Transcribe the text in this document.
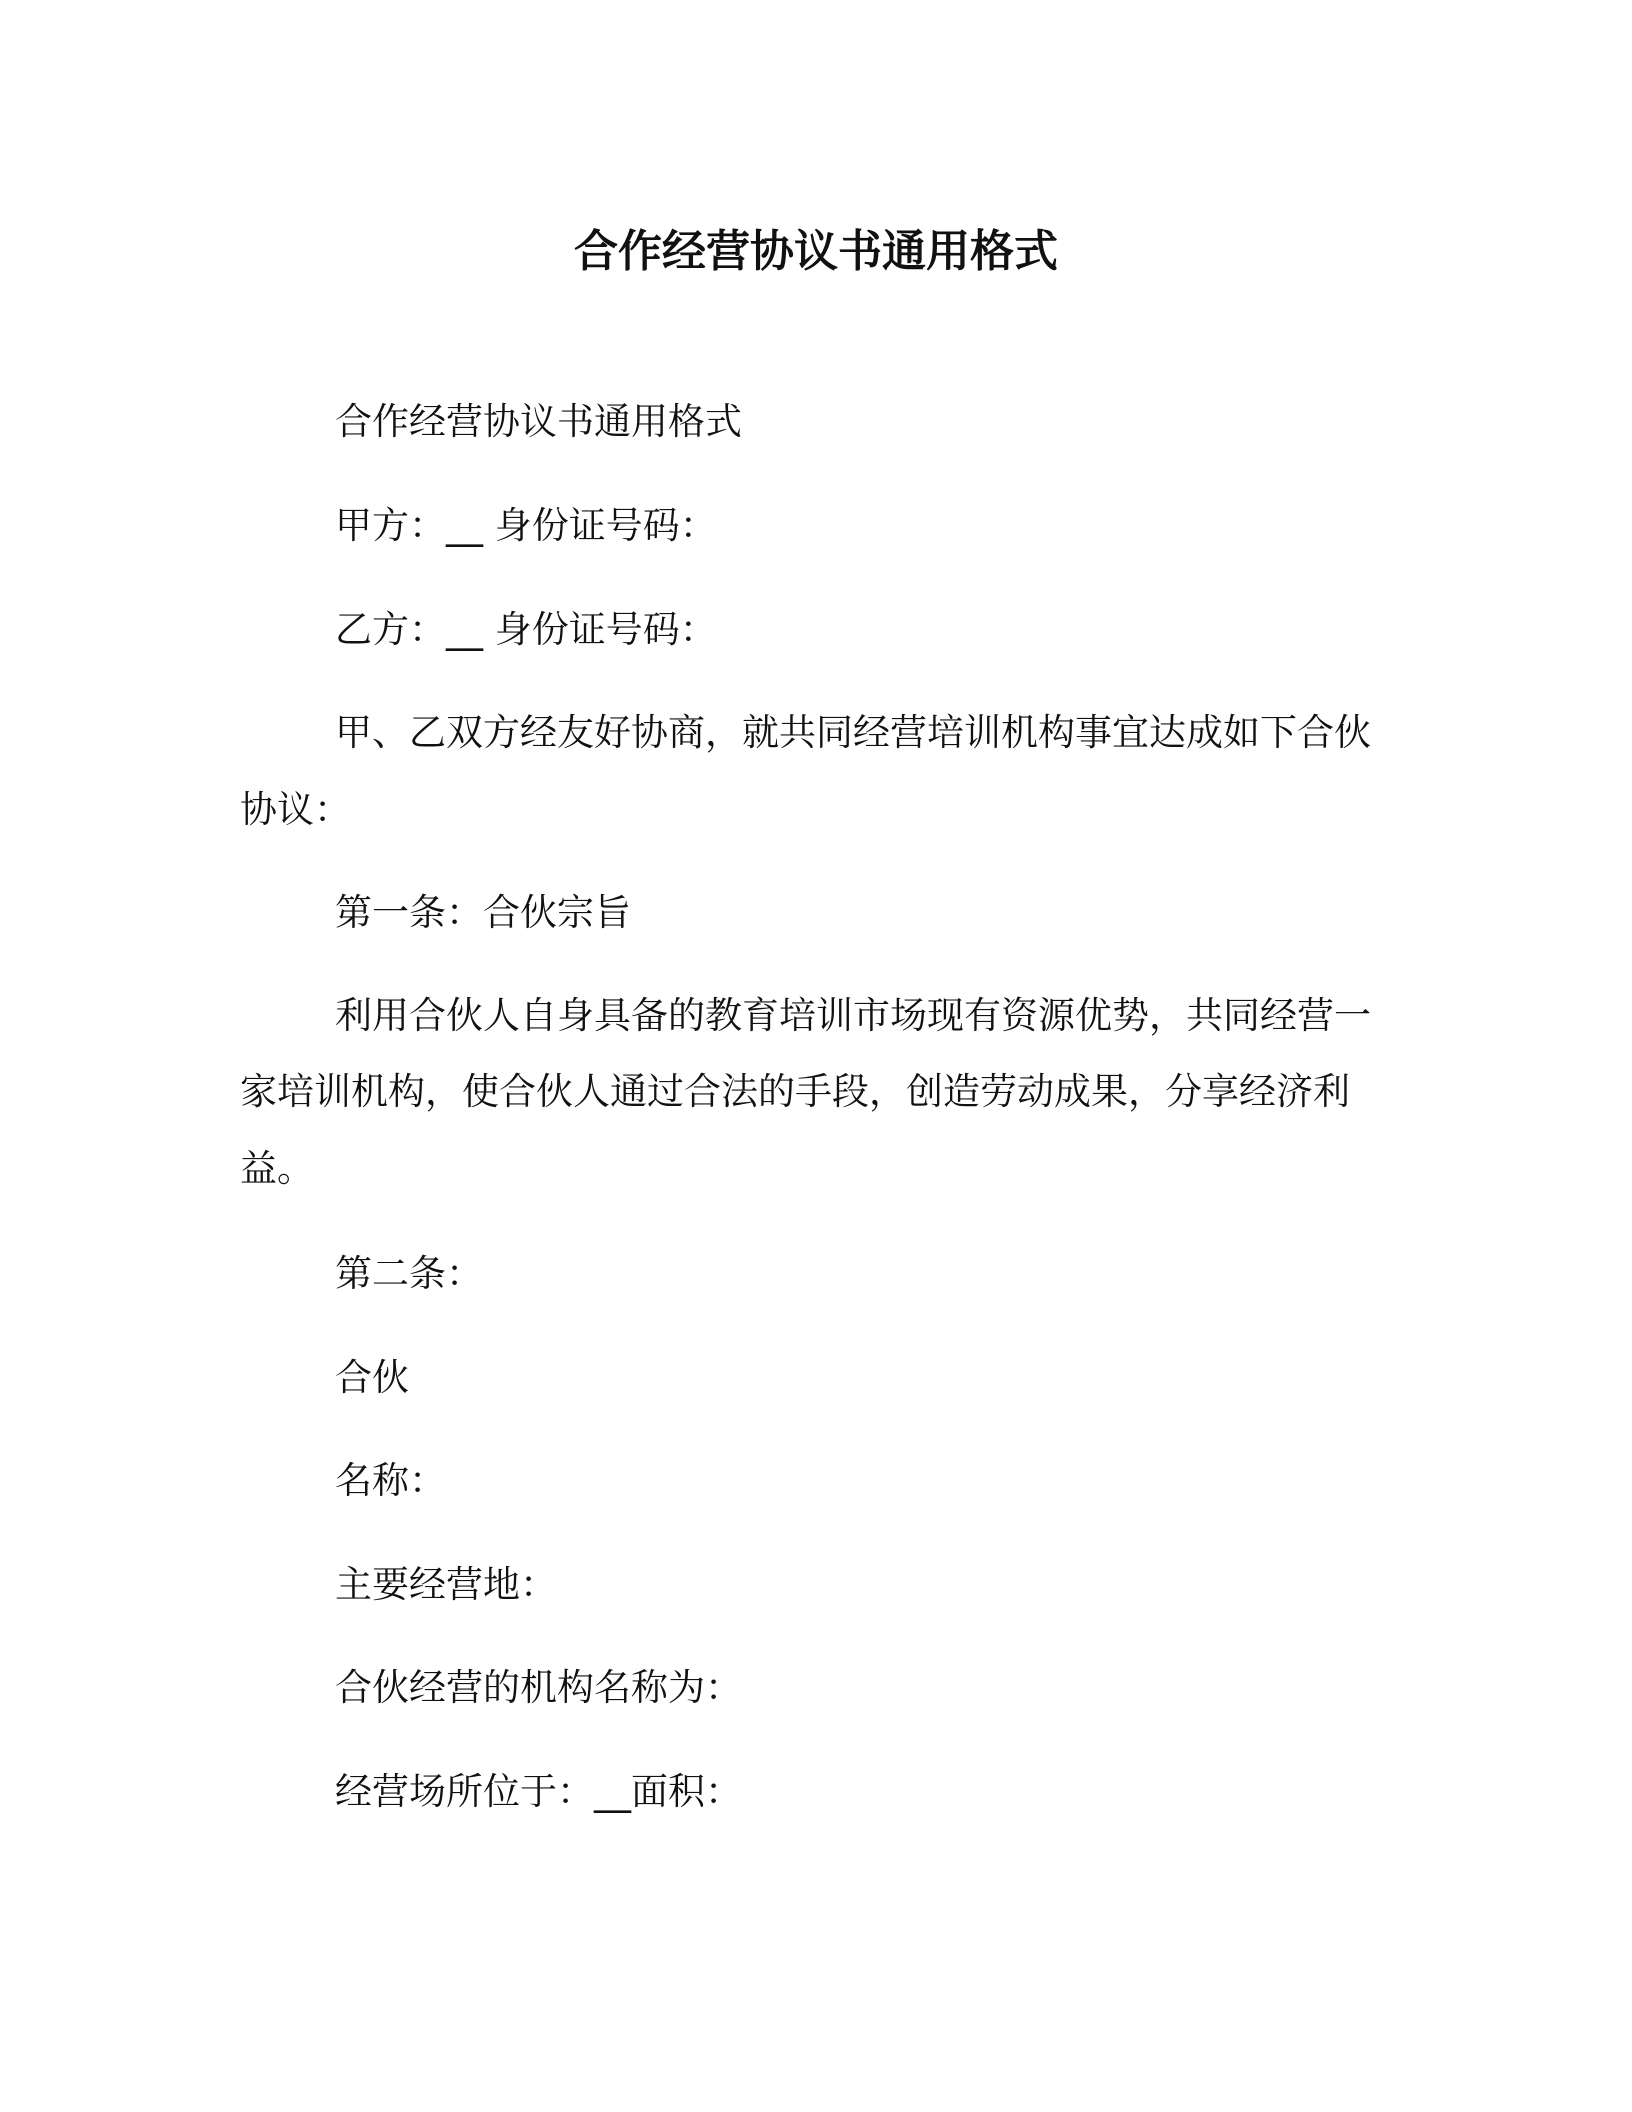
合作经营协议书通用格式
合作经营协议书通用格式
甲方：__ 身份证号码：
乙方：__ 身份证号码：
甲、乙双方经友好协商，就共同经营培训机构事宜达成如下合伙
协议：
第一条：合伙宗旨
利用合伙人自身具备的教育培训市场现有资源优势，共同经营一
家培训机构，使合伙人通过合法的手段，创造劳动成果，分享经济利
益。
第二条：
合伙
名称：
主要经营地：
合伙经营的机构名称为：
经营场所位于：__面积：
